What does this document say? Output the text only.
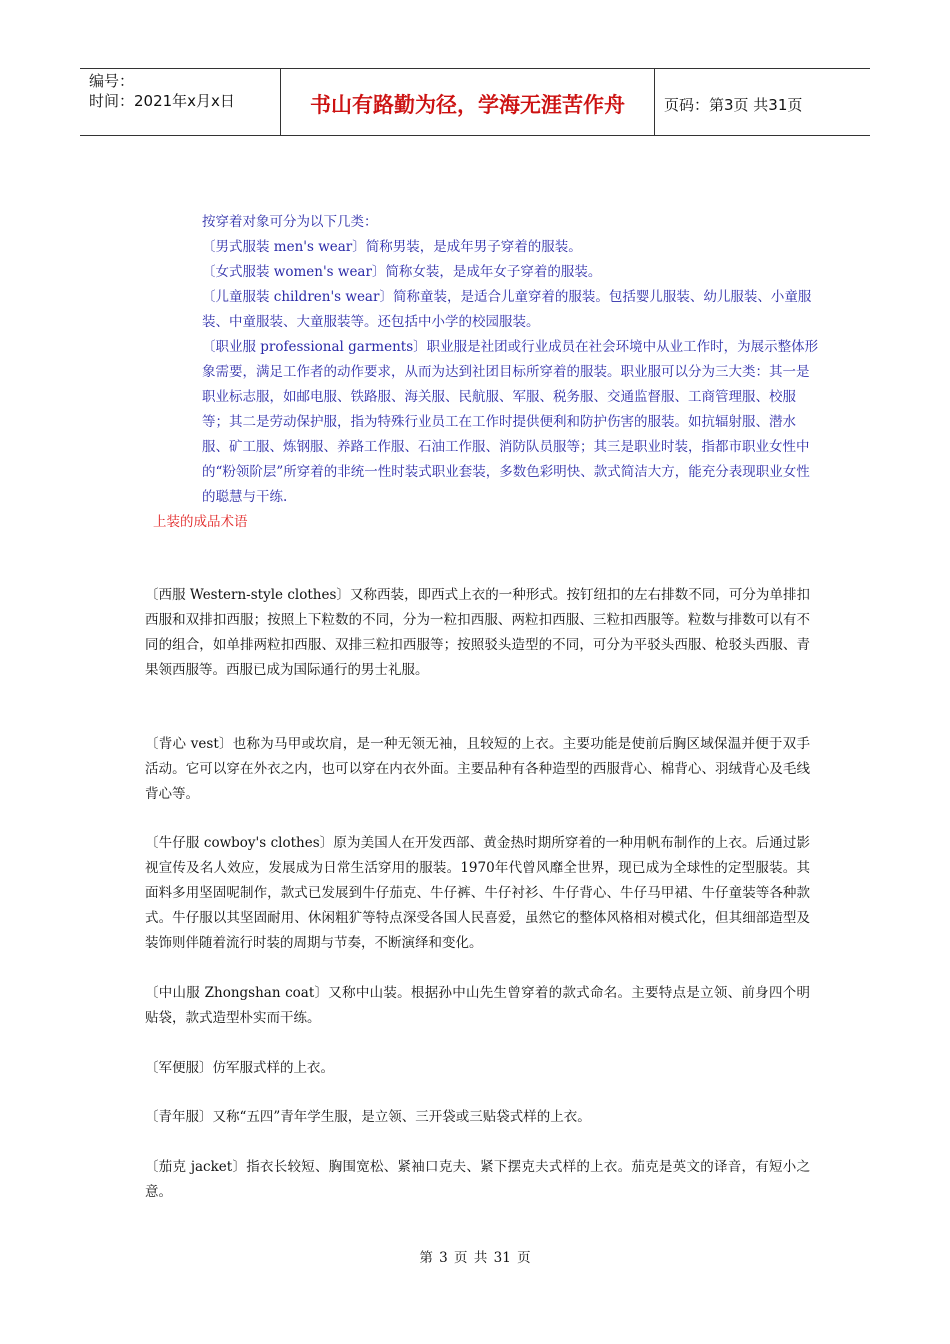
编号：
时间：2021年x月x日	书山有路勤为径，学海无涯苦作舟	页码：第3页 共31页

按穿着对象可分为以下几类：

〔男式服装 men's wear〕简称男装，是成年男子穿着的服装。

〔女式服装 women's wear〕简称女装，是成年女子穿着的服装。

〔儿童服装 children's wear〕简称童装，是适合儿童穿着的服装。包括婴儿服装、幼儿服装、小童服装、中童服装、大童服装等。还包括中小学的校园服装。

〔职业服 professional garments〕职业服是社团或行业成员在社会环境中从业工作时，为展示整体形象需要，满足工作者的动作要求，从而为达到社团目标所穿着的服装。职业服可以分为三大类：其一是职业标志服，如邮电服、铁路服、海关服、民航服、军服、税务服、交通监督服、工商管理服、校服等；其二是劳动保护服，指为特殊行业员工在工作时提供便利和防护伤害的服装。如抗辐射服、潜水服、矿工服、炼钢服、养路工作服、石油工作服、消防队员服等；其三是职业时装，指都市职业女性中的“粉领阶层”所穿着的非统一性时装式职业套装，多数色彩明快、款式简洁大方，能充分表现职业女性的聪慧与干练.

上装的成品术语

〔西服 Western-style clothes〕又称西装，即西式上衣的一种形式。按钉纽扣的左右排数不同，可分为单排扣西服和双排扣西服；按照上下粒数的不同，分为一粒扣西服、两粒扣西服、三粒扣西服等。粒数与排数可以有不同的组合，如单排两粒扣西服、双排三粒扣西服等；按照驳头造型的不同，可分为平驳头西服、枪驳头西服、青果领西服等。西服已成为国际通行的男士礼服。

〔背心 vest〕也称为马甲或坎肩，是一种无领无袖，且较短的上衣。主要功能是使前后胸区域保温并便于双手活动。它可以穿在外衣之内，也可以穿在内衣外面。主要品种有各种造型的西服背心、棉背心、羽绒背心及毛线背心等。

〔牛仔服 cowboy's clothes〕原为美国人在开发西部、黄金热时期所穿着的一种用帆布制作的上衣。后通过影视宣传及名人效应，发展成为日常生活穿用的服装。1970年代曾风靡全世界，现已成为全球性的定型服装。其面料多用坚固呢制作，款式已发展到牛仔茄克、牛仔裤、牛仔衬衫、牛仔背心、牛仔马甲裙、牛仔童装等各种款式。牛仔服以其坚固耐用、休闲粗犷等特点深受各国人民喜爱，虽然它的整体风格相对模式化，但其细部造型及装饰则伴随着流行时装的周期与节奏，不断演绎和变化。

〔中山服 Zhongshan coat〕又称中山装。根据孙中山先生曾穿着的款式命名。主要特点是立领、前身四个明贴袋，款式造型朴实而干练。

〔军便服〕仿军服式样的上衣。

〔青年服〕又称“五四”青年学生服，是立领、三开袋或三贴袋式样的上衣。

〔茄克 jacket〕指衣长较短、胸围宽松、紧袖口克夫、紧下摆克夫式样的上衣。茄克是英文的译音，有短小之意。

第 3 页 共 31 页
